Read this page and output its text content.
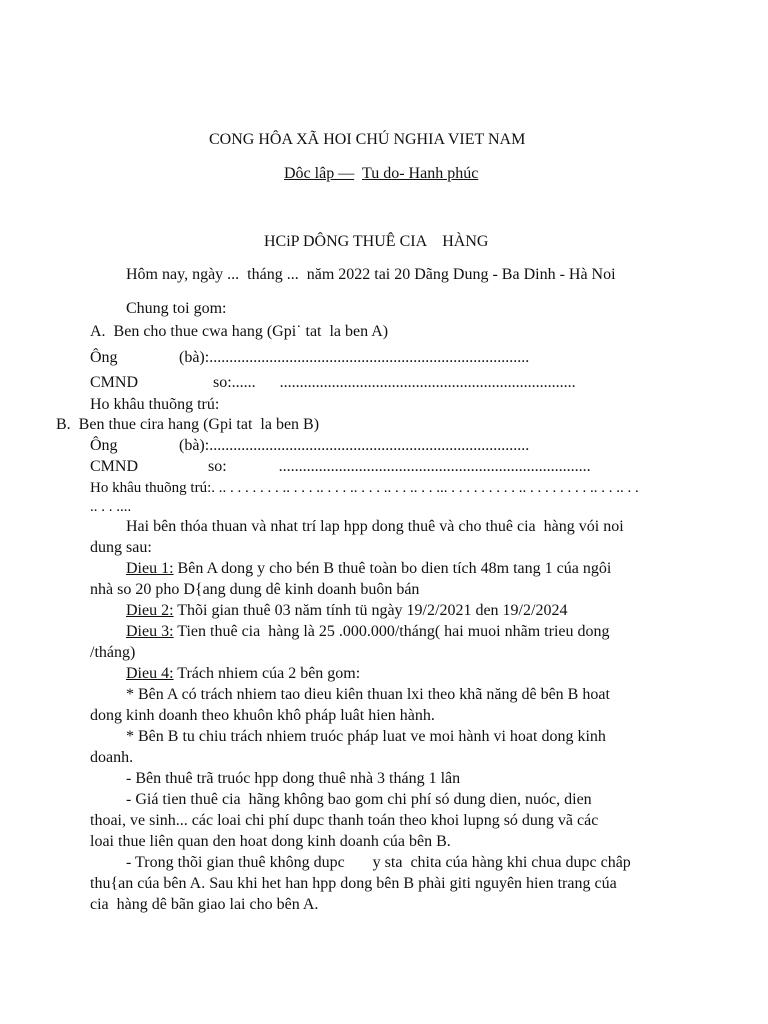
CONG HÔA XÃ HOI CHÚ NGHIA VIET NAM
Dôc lâp — Tu do- Hanh phúc
HCiP DÔNG THUÊ CIA    HÀNG
Hôm nay, ngày ...  tháng ...  năm 2022 tai 20 Dãng Dung - Ba Dinh - Hà Noi
Chung toi gom:
A.  Ben cho thue cwa hang (Gpi˙ tat  la ben A)
Ông	(bà):................................................................................
CMND	so:......      ..........................................................................
Ho khâu thuõng trú:
B.  Ben thue cira hang (Gpi tat  la ben B)
Ông	(bà):................................................................................
CMND	so:             ..............................................................................
Ho khâu thuõng trú:. .. . . . . . . . .. . . . .. . . . .. . . . .. . . .. . . ... . . . . . . . . . .. . . . . . . . . .. . . .. . .
.. . . ....
Hai bên thóa thuan và nhat trí lap hpp dong thuê và cho thuê cia  hàng vói noi
dung sau:
Dieu 1: Bên A dong y cho bén B thuê toàn bo dien tích 48m tang 1 cúa ngôi
nhà so 20 pho D{ang dung dê kinh doanh buôn bán
Dieu 2: Thõi gian thuê 03 năm tính tü ngày 19/2/2021 den 19/2/2024
Dieu 3: Tien thuê cia  hàng là 25 .000.000/tháng( hai muoi nhãm trieu dong
/tháng)
Dieu 4: Trách nhiem cúa 2 bên gom:
* Bên A có trách nhiem tao dieu kiên thuan lxi theo khã năng dê bên B hoat
dong kinh doanh theo khuôn khô pháp luât hien hành.
* Bên B tu chiu trách nhiem truóc pháp luat ve moi hành vi hoat dong kinh
doanh.
- Bên thuê trã truóc hpp dong thuê nhà 3 tháng 1 lân
- Giá tien thuê cia  hãng không bao gom chi phí só dung dien, nuóc, dien
thoai, ve sinh... các loai chi phí dupc thanh toán theo khoi lupng só dung vã các
loai thue liên quan den hoat dong kinh doanh cúa bên B.
- Trong thõi gian thuê không dupc       y sta  chita cúa hàng khi chua dupc châp
thu{an cúa bên A. Sau khi het han hpp dong bên B phài giti nguyên hien trang cúa
cia  hàng dê bãn giao lai cho bên A.
